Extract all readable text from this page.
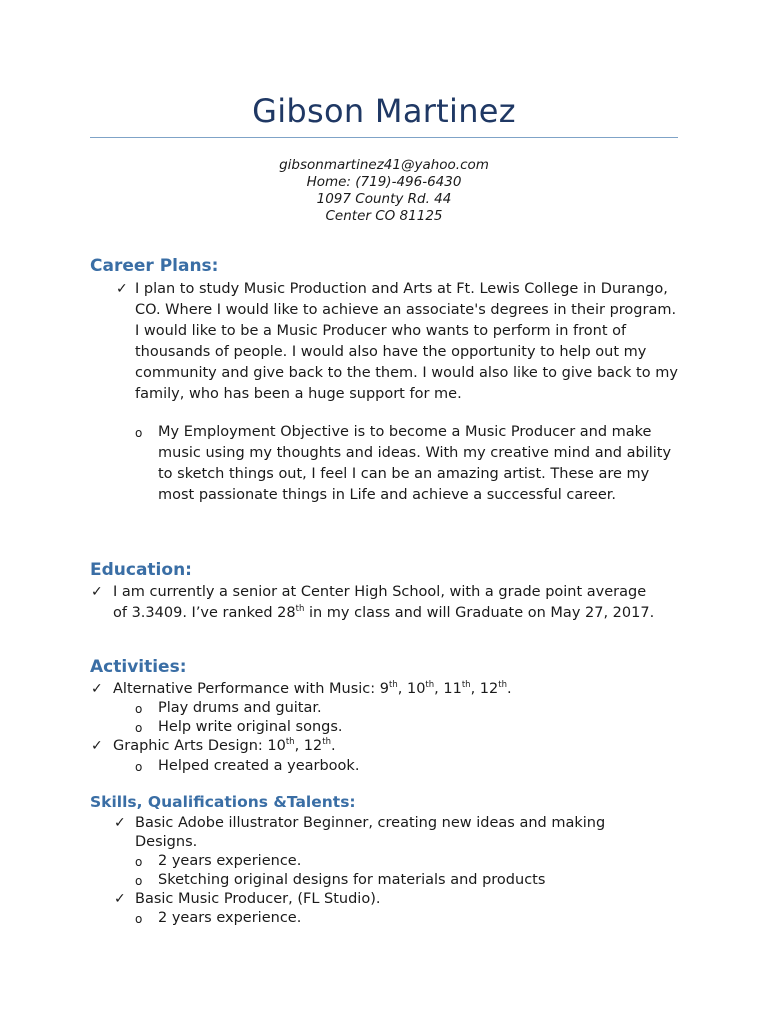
Gibson Martinez
gibsonmartinez41@yahoo.com
Home: (719)-496-6430
1097 County Rd. 44
Center CO 81125
Career Plans:
✓ I plan to study Music Production and Arts at Ft. Lewis College in Durango, CO. Where I would like to achieve an associate's degrees in their program. I would like to be a Music Producer who wants to perform in front of thousands of people. I would also have the opportunity to help out my community and give back to the them. I would also like to give back to my family, who has been a huge support for me.
o My Employment Objective is to become a Music Producer and make music using my thoughts and ideas. With my creative mind and ability to sketch things out, I feel I can be an amazing artist. These are my most passionate things in Life and achieve a successful career.
Education:
✓ I am currently a senior at Center High School, with a grade point average
of 3.3409. I’ve ranked 28th in my class and will Graduate on May 27, 2017.
Activities:
✓ Alternative Performance with Music: 9th, 10th, 11th, 12th.
o Play drums and guitar.
o Help write original songs.
✓ Graphic Arts Design: 10th, 12th.
o Helped created a yearbook.
Skills, Qualifications &Talents:
✓ Basic Adobe illustrator Beginner, creating new ideas and making Designs.
o 2 years experience.
o Sketching original designs for materials and products
✓ Basic Music Producer, (FL Studio).
o 2 years experience.
